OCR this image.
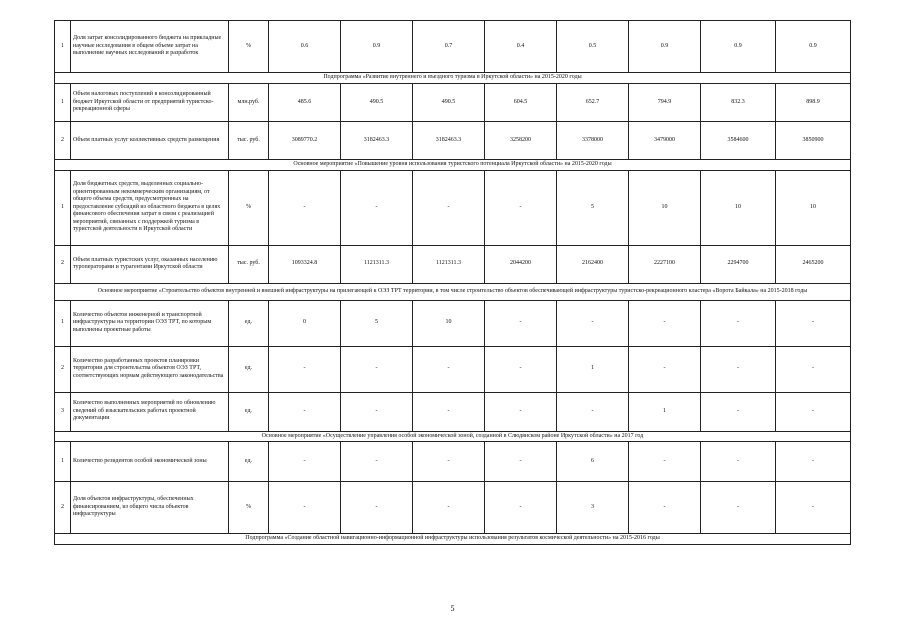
1	Доля затрат консолидированного бюджета на прикладные научные исследования в общем объеме затрат на выполнение научных исследований и разработок	%	0.6	0.9	0.7	0.4	0.5	0.9	0.9	0.9
Подпрограмма «Развитие внутреннего и въездного туризма в Иркутской области» на 2015-2020 годы										
1	Объем налоговых поступлений в консолидированный бюджет Иркутской области от предприятий туристско-рекреационной сферы	млн.руб.	485.6	490.5	490.5	604.5	652.7	794.9	832.3	898.9
2	Объем платных услуг коллективных средств размещения	тыс. руб.	3089770.2	3182463.3	3182463.3	3258200	3378000	3479000	3584600	3850900
Основное мероприятие «Повышение уровня использования туристского потенциала Иркутской области» на 2015-2020 годы										
1	Доля бюджетных средств, выделенных социально-ориентированным некоммерческим организациям, от общего объема средств, предусмотренных на предоставление субсидий из областного бюджета в целях финансового обеспечения затрат в связи с реализацией мероприятий, связанных с поддержкой туризма в туристской деятельности в Иркутской области	%	-	-	-	-	5	10	10	10
2	Объем платных туристских услуг, оказанных населению туроператорами и турагентами Иркутской области	тыс. руб.	1093324.8	1121311.3	1121311.3	2044200	2162400	2227100	2294700	2465200
Основное мероприятие «Строительство объектов внутренней и внешней инфраструктуры на прилегающей к ОЭЗ ТРТ территории, в том числе строительство объектов обеспечивающей инфраструктуры туристско-рекреационного кластера «Ворота Байкала» на 2015-2018 годы										
1	Количество объектов инженерной и транспортной инфраструктуры на территории ОЭЗ ТРТ, по которым выполнены проектные работы	ед.	0	5	10	-	-	-	-	-
2	Количество разработанных проектов планировки территории для строительства объектов ОЭЗ ТРТ, соответствующих нормам действующего законодательства	ед.	-	-	-	-	1	-	-	-
3	Количество выполненных мероприятий по обновлению сведений об изыскательских работах проектной документации	ед.	-	-	-	-	-	1	-	-
Основное мероприятие «Осуществление управления особой экономической зоной, созданной в Слюдянском районе Иркутской области» на 2017 год										
1	Количество резидентов особой экономической зоны	ед.	-	-	-	-	6	-	-	-
2	Доля объектов инфраструктуры, обеспеченных финансированием, из общего числа объектов инфраструктуры	%	-	-	-	-	3	-	-	-
Подпрограмма «Создание областной навигационно-информационной инфраструктуры использования результатов космической деятельности» на 2015-2016 годы										
5
